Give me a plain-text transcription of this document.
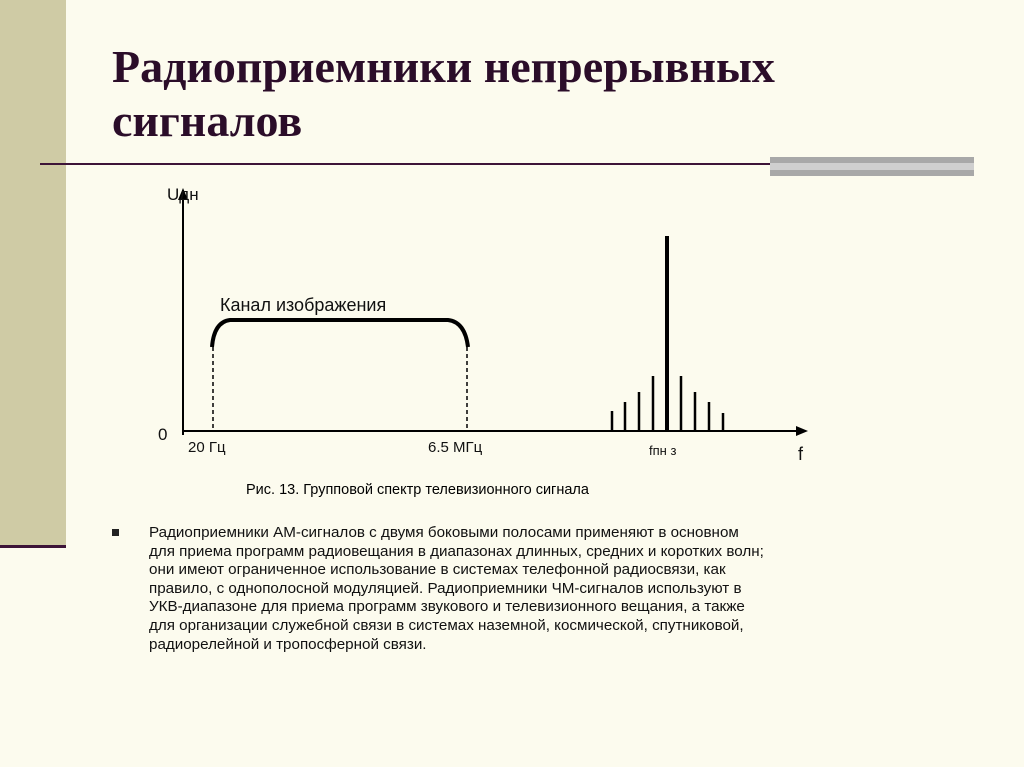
Радиоприемники непрерывных сигналов
Uдн
0
f
Канал изображения
20 Гц	6.5 МГц	fпн з
Рис. 13. Групповой спектр телевизионного сигнала

Радиоприемники АМ-сигналов с двумя боковыми полосами применяют в основном
для приема программ радиовещания в диапазонах длинных, средних и коротких волн;
они имеют ограниченное использование в системах телефонной радиосвязи, как
правило, с однополосной модуляцией. Радиоприемники ЧМ-сигналов используют в
УКВ-диапазоне для приема программ звукового и телевизионного вещания, а также
для организации служебной связи в системах наземной, космической, спутниковой,
радиорелейной и тропосферной связи.
